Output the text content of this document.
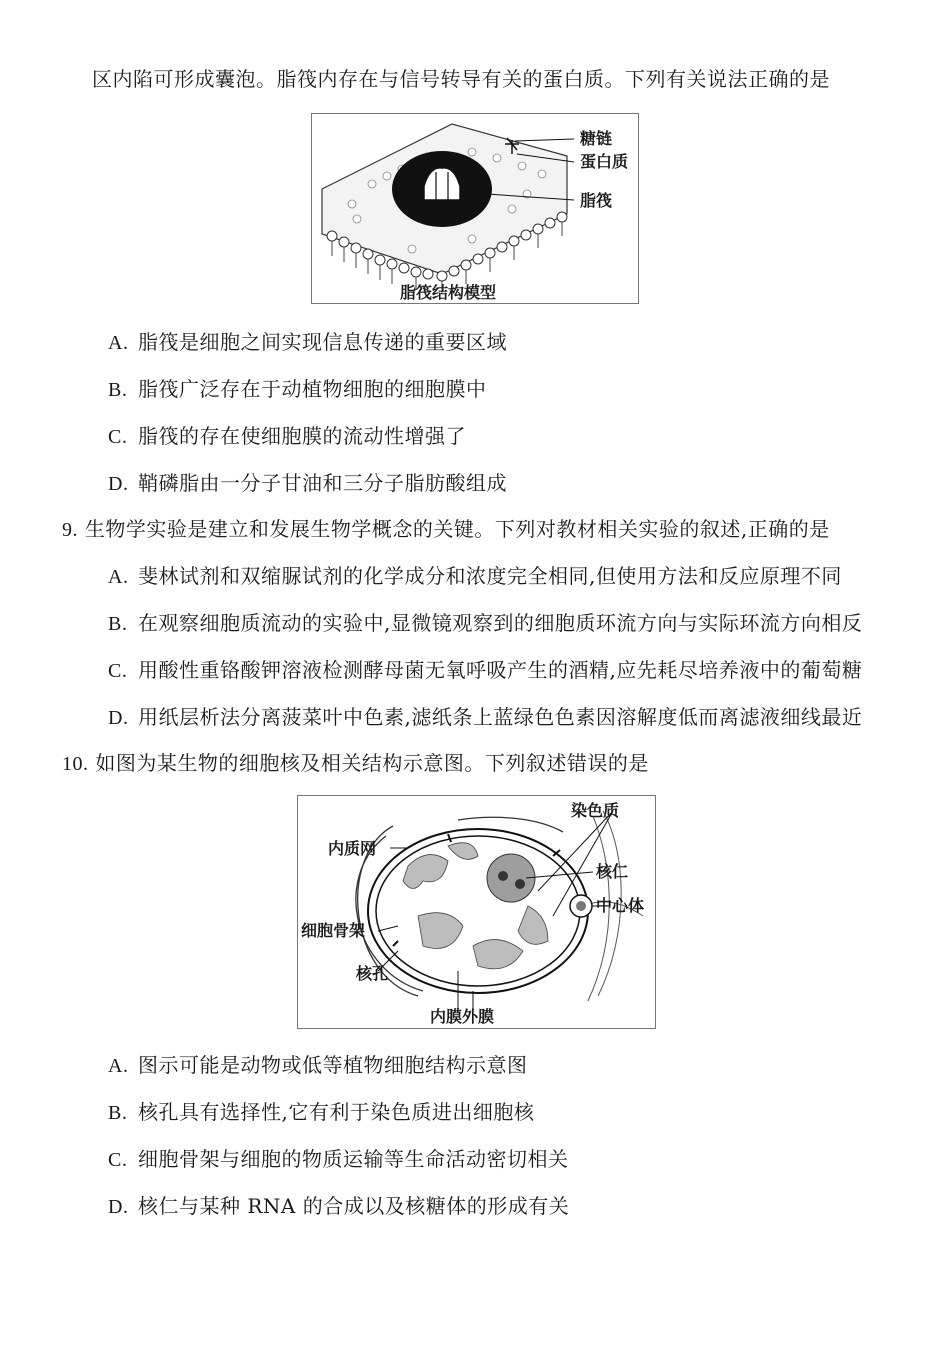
区内陷可形成囊泡。脂筏内存在与信号转导有关的蛋白质。下列有关说法正确的是
糖链
蛋白质
脂筏
脂筏结构模型
A. 脂筏是细胞之间实现信息传递的重要区域
B. 脂筏广泛存在于动植物细胞的细胞膜中
C. 脂筏的存在使细胞膜的流动性增强了
D. 鞘磷脂由一分子甘油和三分子脂肪酸组成
9. 生物学实验是建立和发展生物学概念的关键。下列对教材相关实验的叙述,正确的是
A. 斐林试剂和双缩脲试剂的化学成分和浓度完全相同,但使用方法和反应原理不同
B. 在观察细胞质流动的实验中,显微镜观察到的细胞质环流方向与实际环流方向相反
C. 用酸性重铬酸钾溶液检测酵母菌无氧呼吸产生的酒精,应先耗尽培养液中的葡萄糖
D. 用纸层析法分离菠菜叶中色素,滤纸条上蓝绿色色素因溶解度低而离滤液细线最近
10. 如图为某生物的细胞核及相关结构示意图。下列叙述错误的是
染色质
内质网
核仁
中心体
细胞骨架
核孔
内膜外膜
A. 图示可能是动物或低等植物细胞结构示意图
B. 核孔具有选择性,它有利于染色质进出细胞核
C. 细胞骨架与细胞的物质运输等生命活动密切相关
D. 核仁与某种 RNA 的合成以及核糖体的形成有关
